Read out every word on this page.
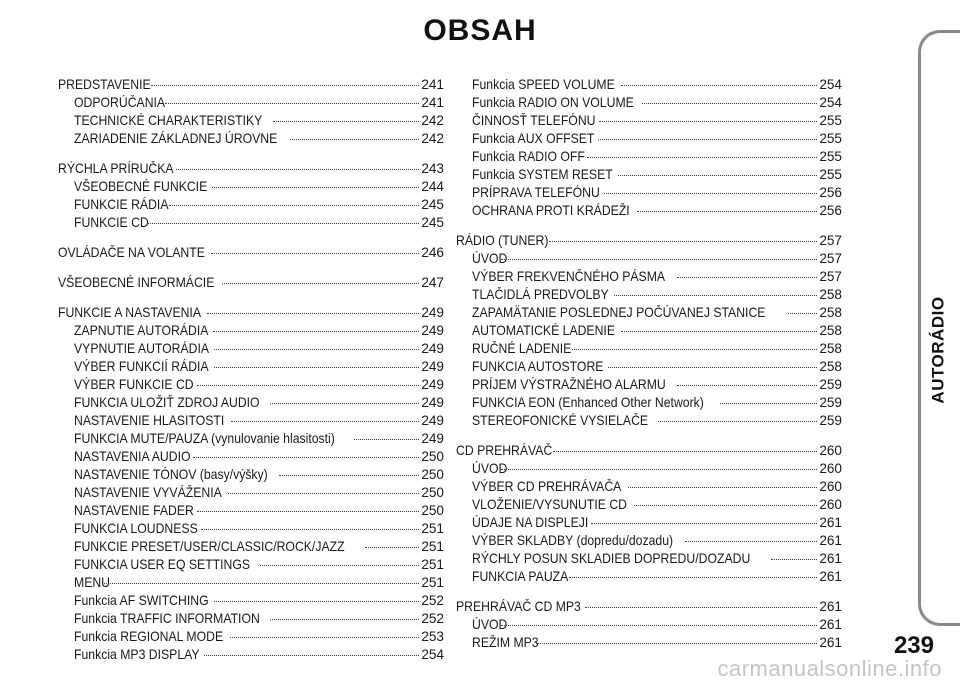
OBSAH
PREDSTAVENIE	241
ODPORÚČANIA	241
TECHNICKÉ CHARAKTERISTIKY	242
ZARIADENIE ZÁKLADNEJ ÚROVNE	242
RÝCHLA PRÍRUČKA	243
VŠEOBECNÉ FUNKCIE	244
FUNKCIE RÁDIA	245
FUNKCIE CD	245
OVLÁDAČE NA VOLANTE	246
VŠEOBECNÉ INFORMÁCIE	247
FUNKCIE A NASTAVENIA	249
ZAPNUTIE AUTORÁDIA	249
VYPNUTIE AUTORÁDIA	249
VÝBER FUNKCIÍ RÁDIA	249
VÝBER FUNKCIE CD	249
FUNKCIA ULOŽIŤ ZDROJ AUDIO	249
NASTAVENIE HLASITOSTI	249
FUNKCIA MUTE/PAUZA (vynulovanie hlasitosti)	249
NASTAVENIA AUDIO	250
NASTAVENIE TÓNOV (basy/výšky)	250
NASTAVENIE VYVÁŽENIA	250
NASTAVENIE FADER	250
FUNKCIA LOUDNESS	251
FUNKCIE PRESET/USER/CLASSIC/ROCK/JAZZ	251
FUNKCIA USER EQ SETTINGS	251
MENU	251
Funkcia AF SWITCHING	252
Funkcia TRAFFIC INFORMATION	252
Funkcia REGIONAL MODE	253
Funkcia MP3 DISPLAY	254
Funkcia SPEED VOLUME	254
Funkcia RADIO ON VOLUME	254
ČINNOSŤ TELEFÓNU	255
Funkcia AUX OFFSET	255
Funkcia RADIO OFF	255
Funkcia SYSTEM RESET	255
PRÍPRAVA TELEFÓNU	256
OCHRANA PROTI KRÁDEŽI	256
RÁDIO (TUNER)	257
ÚVOD	257
VÝBER FREKVENČNÉHO PÁSMA	257
TLAČIDLÁ PREDVOLBY	258
ZAPAMÄTANIE POSLEDNEJ POČÚVANEJ STANICE	258
AUTOMATICKÉ LADENIE	258
RUČNÉ LADENIE	258
FUNKCIA AUTOSTORE	258
PRÍJEM VÝSTRAŽNÉHO ALARMU	259
FUNKCIA EON (Enhanced Other Network)	259
STEREOFONICKÉ VYSIELAČE	259
CD PREHRÁVAČ	260
ÚVOD	260
VÝBER CD PREHRÁVAČA	260
VLOŽENIE/VYSUNUTIE CD	260
ÚDAJE NA DISPLEJI	261
VÝBER SKLADBY (dopredu/dozadu)	261
RÝCHLY POSUN SKLADIEB DOPREDU/DOZADU	261
FUNKCIA PAUZA	261
PREHRÁVAČ CD MP3	261
ÚVOD	261
REŽIM MP3	261
AUTORÁDIO
239
carmanualsonline.info
